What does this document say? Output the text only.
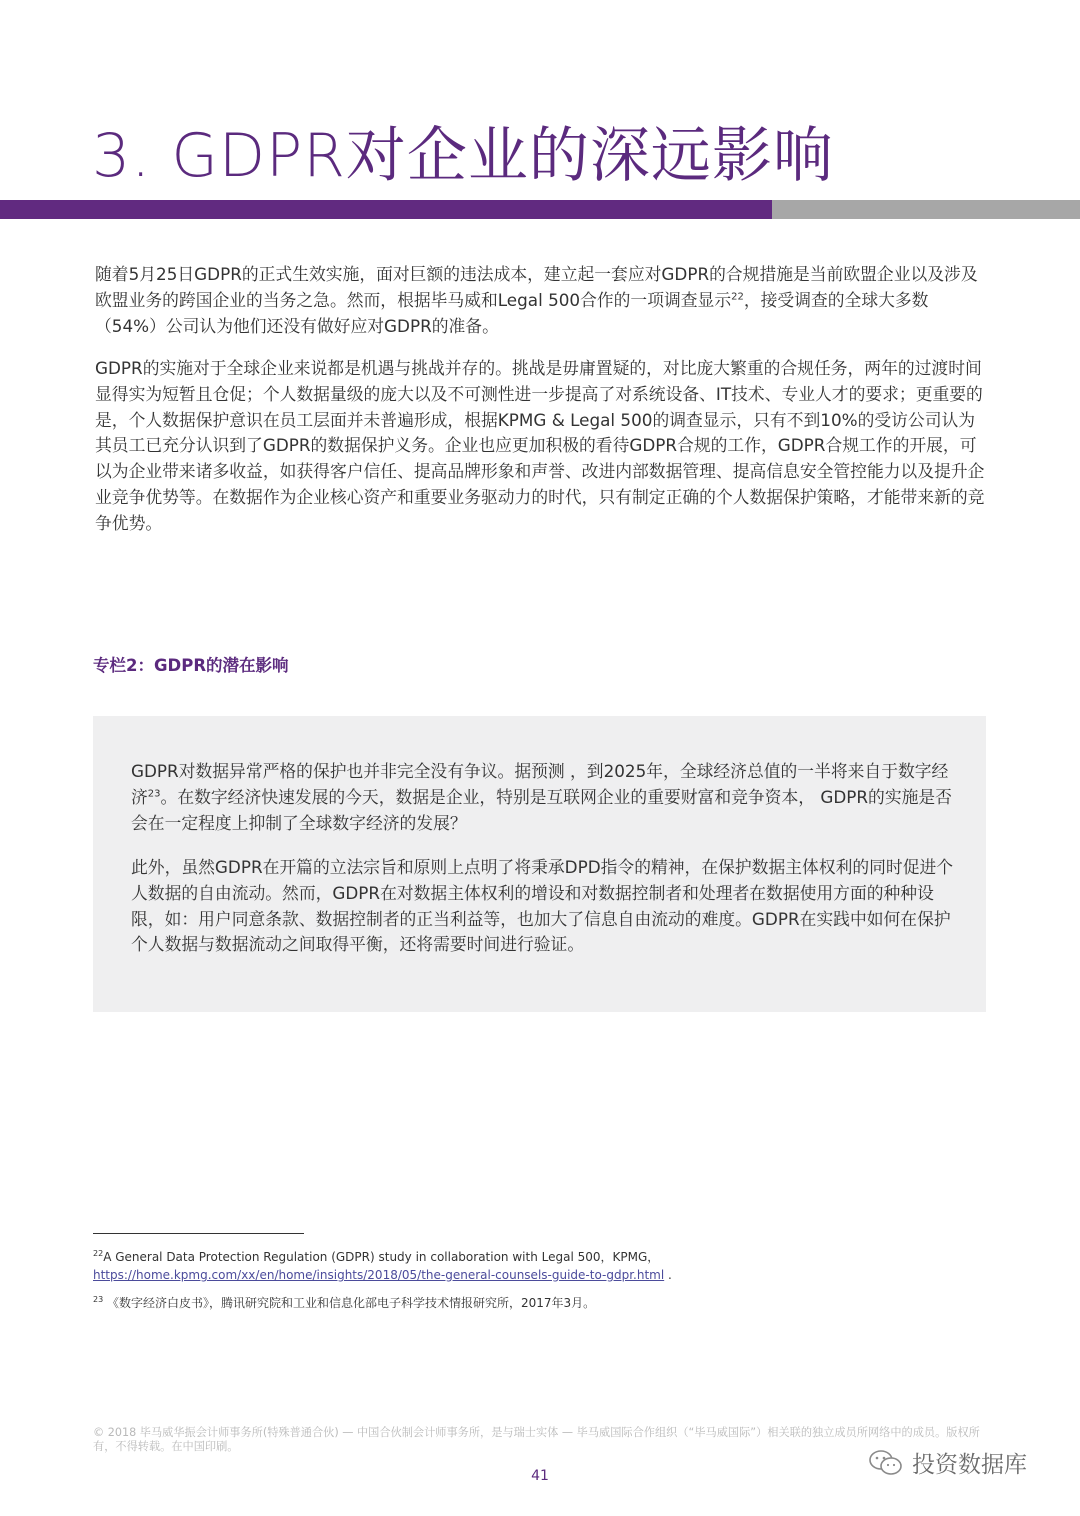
3. GDPR对企业的深远影响

随着5月25日GDPR的正式生效实施，面对巨额的违法成本，建立起一套应对GDPR的合规措施是当前欧盟企业以及涉及欧盟业务的跨国企业的当务之急。然而，根据毕马威和Legal 500合作的一项调查显示$^{22}$，接受调查的全球大多数（54%）公司认为他们还没有做好应对GDPR的准备。

GDPR的实施对于全球企业来说都是机遇与挑战并存的。挑战是毋庸置疑的，对比庞大繁重的合规任务，两年的过渡时间显得实为短暂且仓促；个人数据量级的庞大以及不可测性进一步提高了对系统设备、IT技术、专业人才的要求；更重要的是，个人数据保护意识在员工层面并未普遍形成，根据KPMG & Legal 500的调查显示，只有不到10%的受访公司认为其员工已充分认识到了GDPR的数据保护义务。企业也应更加积极的看待GDPR合规的工作，GDPR合规工作的开展，可以为企业带来诸多收益，如获得客户信任、提高品牌形象和声誉、改进内部数据管理、提高信息安全管控能力以及提升企业竞争优势等。在数据作为企业核心资产和重要业务驱动力的时代，只有制定正确的个人数据保护策略，才能带来新的竞争优势。

专栏2：GDPR的潜在影响

GDPR对数据异常严格的保护也并非完全没有争议。据预测 ，到2025年，全球经济总值的一半将来自于数字经济$^{23}$。在数字经济快速发展的今天，数据是企业，特别是互联网企业的重要财富和竞争资本， GDPR的实施是否会在一定程度上抑制了全球数字经济的发展？

此外，虽然GDPR在开篇的立法宗旨和原则上点明了将秉承DPD指令的精神，在保护数据主体权利的同时促进个人数据的自由流动。然而，GDPR在对数据主体权利的增设和对数据控制者和处理者在数据使用方面的种种设限，如：用户同意条款、数据控制者的正当利益等，也加大了信息自由流动的难度。GDPR在实践中如何在保护个人数据与数据流动之间取得平衡，还将需要时间进行验证。

$^{22}$A General Data Protection Regulation (GDPR) study in collaboration with Legal 500，KPMG，https://home.kpmg.com/xx/en/home/insights/2018/05/the-general-counsels-guide-to-gdpr.html .
$^{23}$ 《数字经济白皮书》，腾讯研究院和工业和信息化部电子科学技术情报研究所，2017年3月。
© 2018 毕马威华振会计师事务所(特殊普通合伙) — 中国合伙制会计师事务所，是与瑞士实体 — 毕马威国际合作组织（“毕马威国际”）相关联的独立成员所网络中的成员。版权所有，不得转载。在中国印刷。
41	投资数据库
